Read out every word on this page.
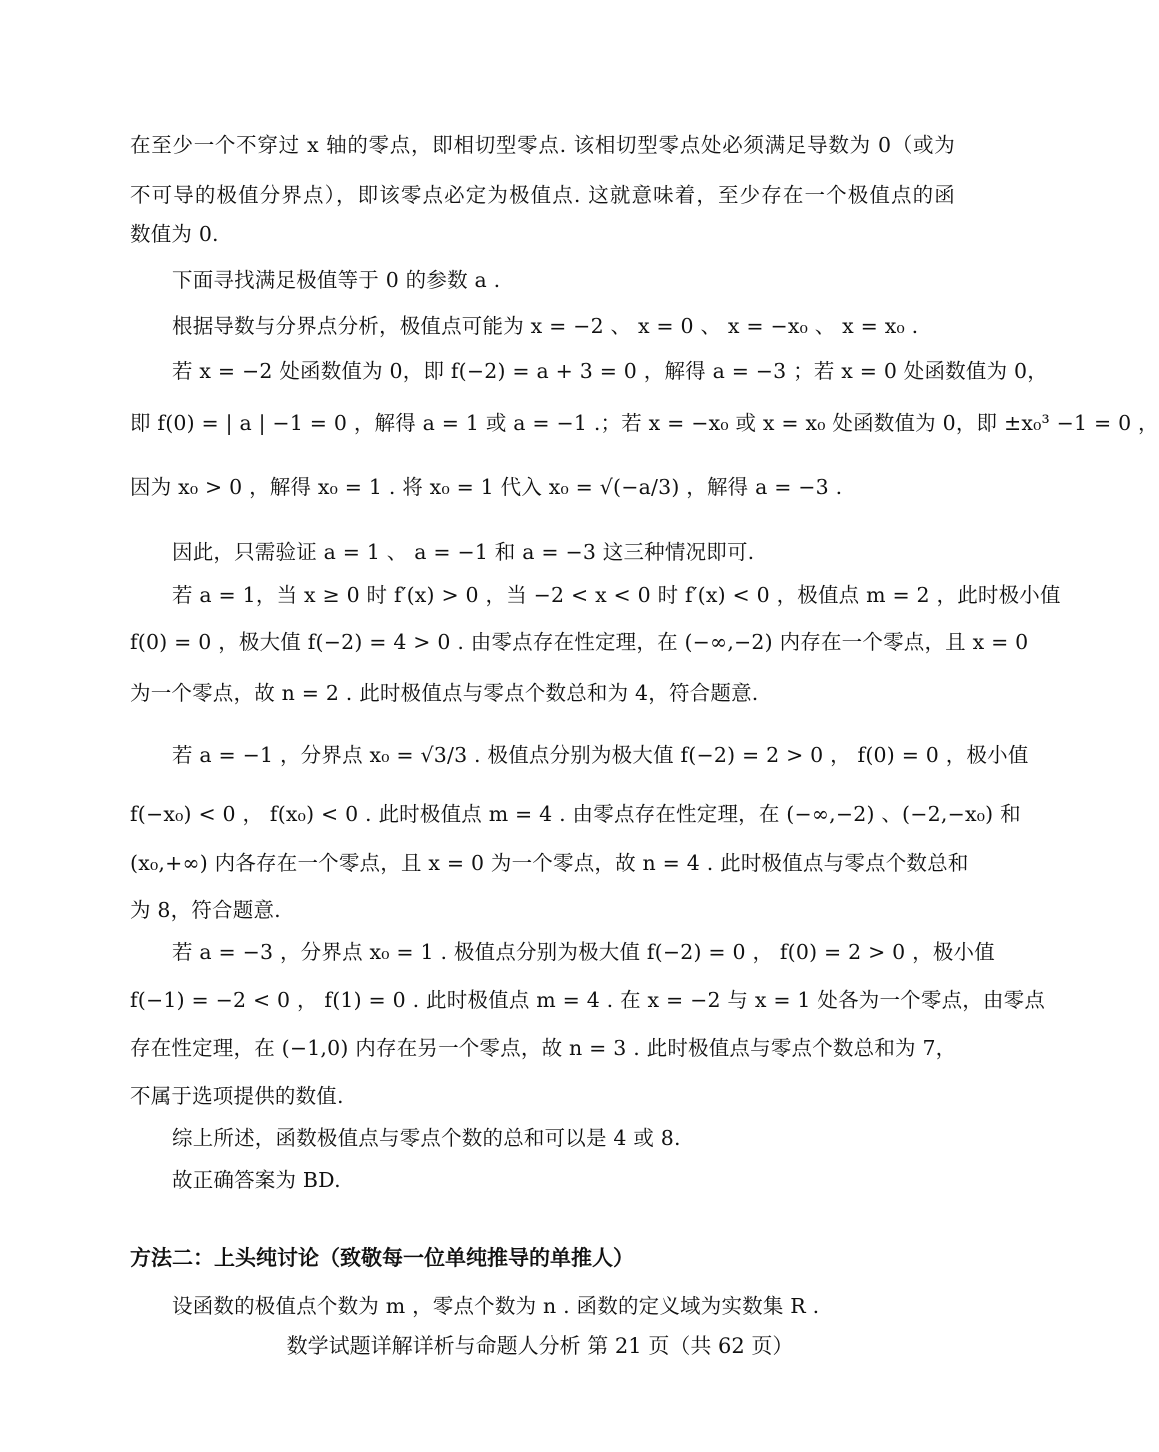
在至少一个不穿过 x 轴的零点，即相切型零点. 该相切型零点处必须满足导数为 0（或为
不可导的极值分界点），即该零点必定为极值点. 这就意味着，至少存在一个极值点的函
数值为 0.
下面寻找满足极值等于 0 的参数 a .
根据导数与分界点分析，极值点可能为 x = −2 、 x = 0 、 x = −x₀ 、 x = x₀ .
若 x = −2 处函数值为 0，即 f(−2) = a + 3 = 0 ，解得 a = −3 ；若 x = 0 处函数值为 0，
即 f(0) = | a | −1 = 0 ，解得 a = 1 或 a = −1 .；若 x = −x₀ 或 x = x₀ 处函数值为 0，即 ±x₀³ −1 = 0 ，
因为 x₀ > 0 ，解得 x₀ = 1 . 将 x₀ = 1 代入 x₀ = √(−a/3) ，解得 a = −3 .
因此，只需验证 a = 1 、 a = −1 和 a = −3 这三种情况即可.
若 a = 1，当 x ≥ 0 时 f′(x) > 0 ，当 −2 < x < 0 时 f′(x) < 0 ，极值点 m = 2 ，此时极小值
f(0) = 0 ，极大值 f(−2) = 4 > 0 . 由零点存在性定理，在 (−∞,−2) 内存在一个零点，且 x = 0
为一个零点，故 n = 2 . 此时极值点与零点个数总和为 4，符合题意.
若 a = −1 ，分界点 x₀ = √3/3 . 极值点分别为极大值 f(−2) = 2 > 0 ， f(0) = 0 ，极小值
f(−x₀) < 0 ， f(x₀) < 0 . 此时极值点 m = 4 . 由零点存在性定理，在 (−∞,−2) 、(−2,−x₀) 和
(x₀,+∞) 内各存在一个零点，且 x = 0 为一个零点，故 n = 4 . 此时极值点与零点个数总和
为 8，符合题意.
若 a = −3 ，分界点 x₀ = 1 . 极值点分别为极大值 f(−2) = 0 ， f(0) = 2 > 0 ，极小值
f(−1) = −2 < 0 ， f(1) = 0 . 此时极值点 m = 4 . 在 x = −2 与 x = 1 处各为一个零点，由零点
存在性定理，在 (−1,0) 内存在另一个零点，故 n = 3 . 此时极值点与零点个数总和为 7，
不属于选项提供的数值.
综上所述，函数极值点与零点个数的总和可以是 4 或 8.
故正确答案为 BD.
方法二：上头纯讨论（致敬每一位单纯推导的单推人）
设函数的极值点个数为 m ，零点个数为 n . 函数的定义域为实数集 R .
数学试题详解详析与命题人分析 第 21 页（共 62 页）
